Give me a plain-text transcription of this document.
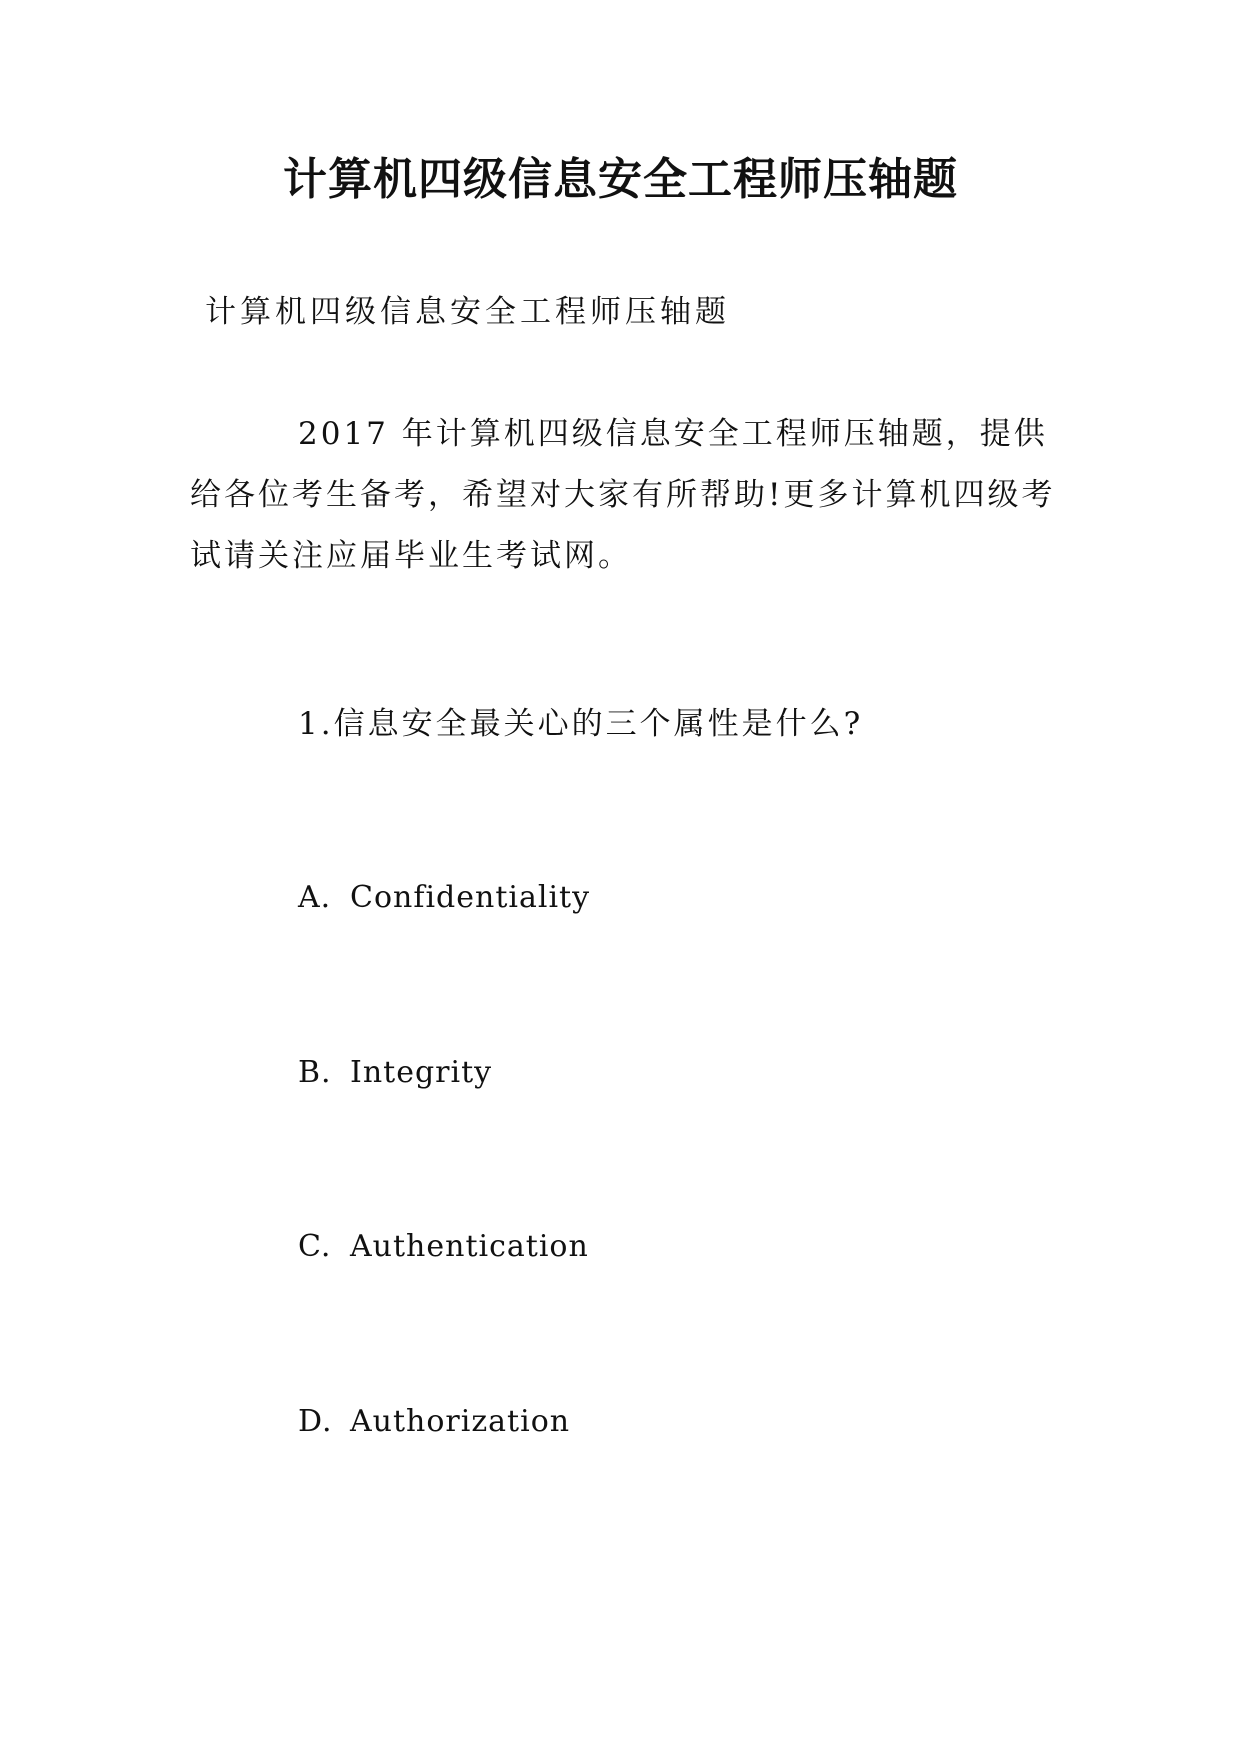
计算机四级信息安全工程师压轴题
计算机四级信息安全工程师压轴题

2017 年计算机四级信息安全工程师压轴题，提供给各位考生备考，希望对大家有所帮助!更多计算机四级考试请关注应届毕业生考试网。

1.信息安全最关心的三个属性是什么?
A. Confidentiality
B. Integrity
C. Authentication
D. Authorization
